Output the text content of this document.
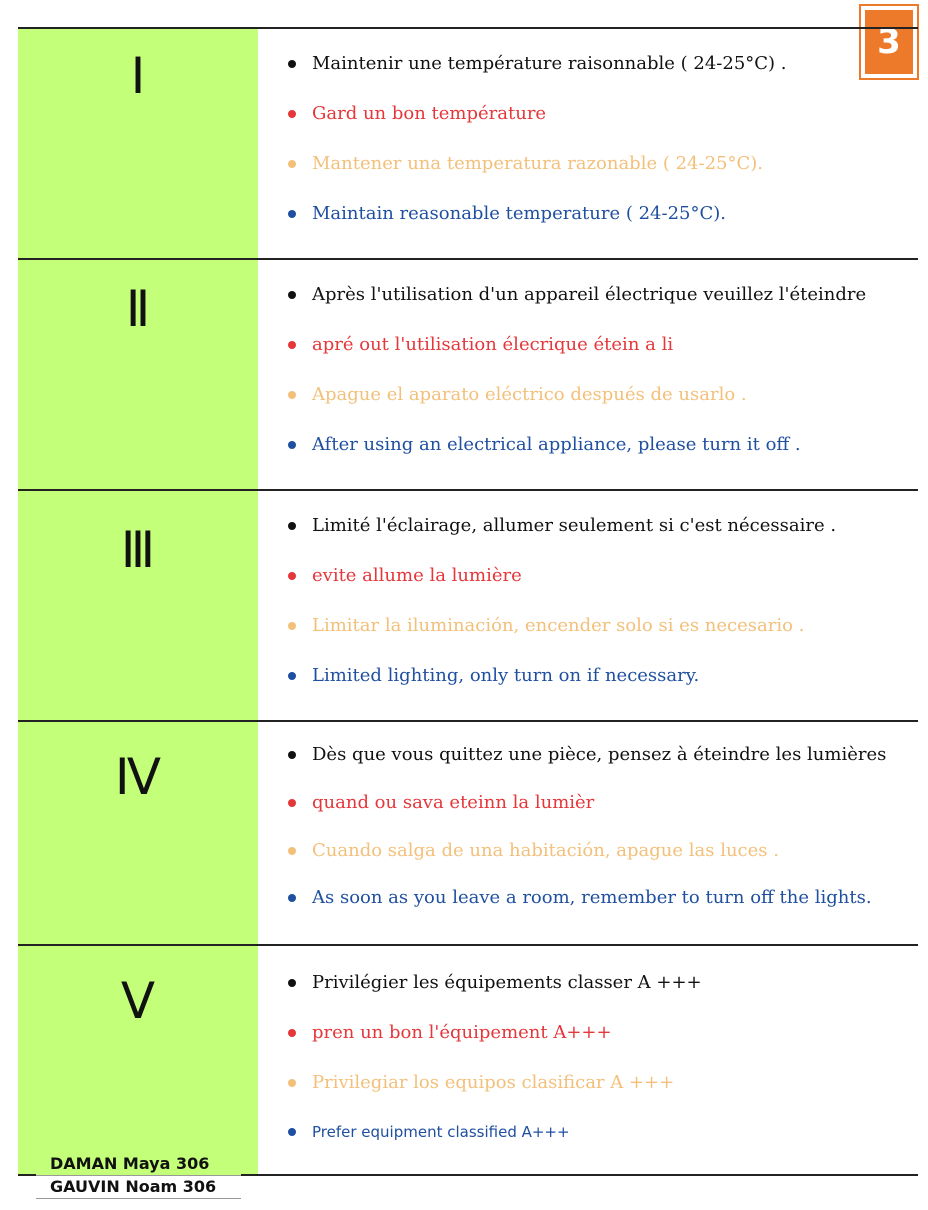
3
I	Maintenir une température raisonnable ( 24-25°C) .
Gard un bon température
Mantener una temperatura razonable ( 24-25°C).
Maintain reasonable temperature ( 24-25°C).
Ⅱ	Après l'utilisation d'un appareil électrique veuillez l'éteindre
apré out l'utilisation élecrique étein a li
Apague el aparato eléctrico después de usarlo .
After using an electrical appliance, please turn it off .
Ⅲ	Limité l'éclairage, allumer seulement si c'est nécessaire .
evite allume la lumière
Limitar la iluminación, encender solo si es necesario .
Limited lighting, only turn on if necessary.
Ⅳ	Dès que vous quittez une pièce, pensez à éteindre les lumières
quand ou sava eteinn la lumièr
Cuando salga de una habitación, apague las luces .
As soon as you leave a room, remember to turn off the lights.
V	Privilégier les équipements classer A +++
pren un bon l'équipement A+++
Privilegiar los equipos clasificar A +++
Prefer equipment classified A+++
DAMAN Maya 306
GAUVIN Noam 306
